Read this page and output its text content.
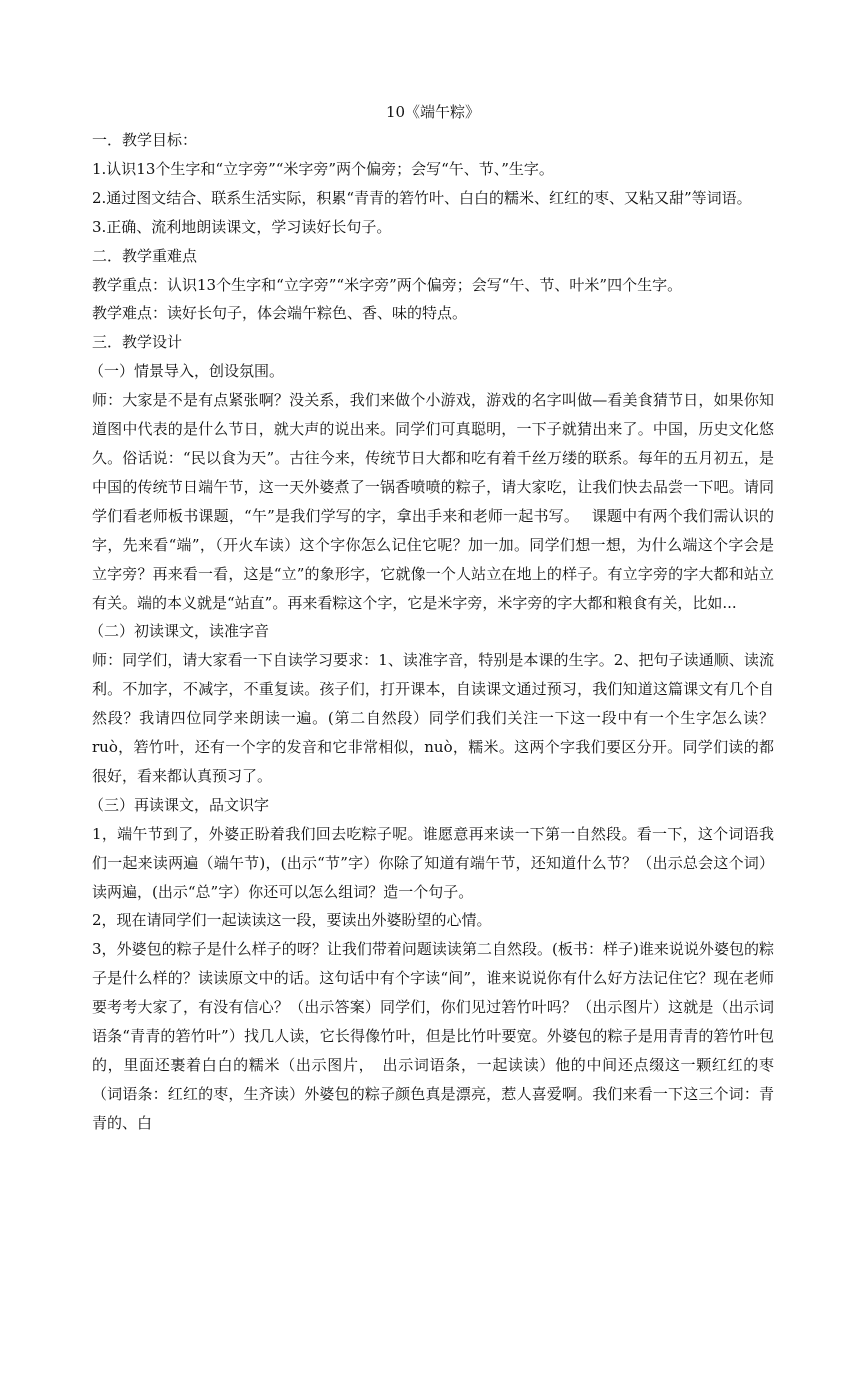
10《端午粽》
一．教学目标：
1.认识13个生字和“立字旁”“米字旁”两个偏旁；会写“午、节、”生字。
2.通过图文结合、联系生活实际，积累“青青的箬竹叶、白白的糯米、红红的枣、又粘又甜”等词语。
3.正确、流利地朗读课文，学习读好长句子。
二．教学重难点
教学重点：认识13个生字和“立字旁”“米字旁”两个偏旁；会写“午、节、叶米”四个生字。
教学难点：读好长句子，体会端午粽色、香、味的特点。
三．教学设计
（一）情景导入，创设氛围。
师：大家是不是有点紧张啊？没关系，我们来做个小游戏，游戏的名字叫做—看美食猜节日，如果你知道图中代表的是什么节日，就大声的说出来。同学们可真聪明，一下子就猜出来了。中国，历史文化悠久。俗话说：“民以食为天”。古往今来，传统节日大都和吃有着千丝万缕的联系。每年的五月初五，是中国的传统节日端午节，这一天外婆煮了一锅香喷喷的粽子，请大家吃，让我们快去品尝一下吧。请同学们看老师板书课题，“午”是我们学写的字，拿出手来和老师一起书写。　 课题中有两个我们需认识的字，先来看“端”，（开火车读）这个字你怎么记住它呢？加一加。同学们想一想，为什么端这个字会是立字旁？再来看一看，这是“立”的象形字，它就像一个人站立在地上的样子。有立字旁的字大都和站立有关。端的本义就是“站直”。再来看粽这个字，它是米字旁，米字旁的字大都和粮食有关，比如...
（二）初读课文，读准字音
师：同学们，请大家看一下自读学习要求：1、读准字音，特别是本课的生字。2、把句子读通顺、读流利。不加字，不减字，不重复读。孩子们，打开课本，自读课文通过预习，我们知道这篇课文有几个自然段？我请四位同学来朗读一遍。(第二自然段）同学们我们关注一下这一段中有一个生字怎么读？ruò，箬竹叶，还有一个字的发音和它非常相似，nuò，糯米。这两个字我们要区分开。同学们读的都很好，看来都认真预习了。
（三）再读课文，品文识字
1，端午节到了，外婆正盼着我们回去吃粽子呢。谁愿意再来读一下第一自然段。看一下，这个词语我们一起来读两遍（端午节)，(出示“节”字）你除了知道有端午节，还知道什么节？（出示总会这个词）读两遍，(出示“总”字）你还可以怎么组词？造一个句子。
2，现在请同学们一起读读这一段，要读出外婆盼望的心情。
3，外婆包的粽子是什么样子的呀？让我们带着问题读读第二自然段。(板书：样子)谁来说说外婆包的粽子是什么样的？读读原文中的话。这句话中有个字读“间”，谁来说说你有什么好方法记住它？现在老师要考考大家了，有没有信心？（出示答案）同学们，你们见过箬竹叶吗？（出示图片）这就是（出示词语条“青青的箬竹叶”）找几人读，它长得像竹叶，但是比竹叶要宽。外婆包的粽子是用青青的箬竹叶包的，里面还裹着白白的糯米（出示图片，　出示词语条，一起读读）他的中间还点缀这一颗红红的枣（词语条：红红的枣，生齐读）外婆包的粽子颜色真是漂亮，惹人喜爱啊。我们来看一下这三个词：青青的、白
